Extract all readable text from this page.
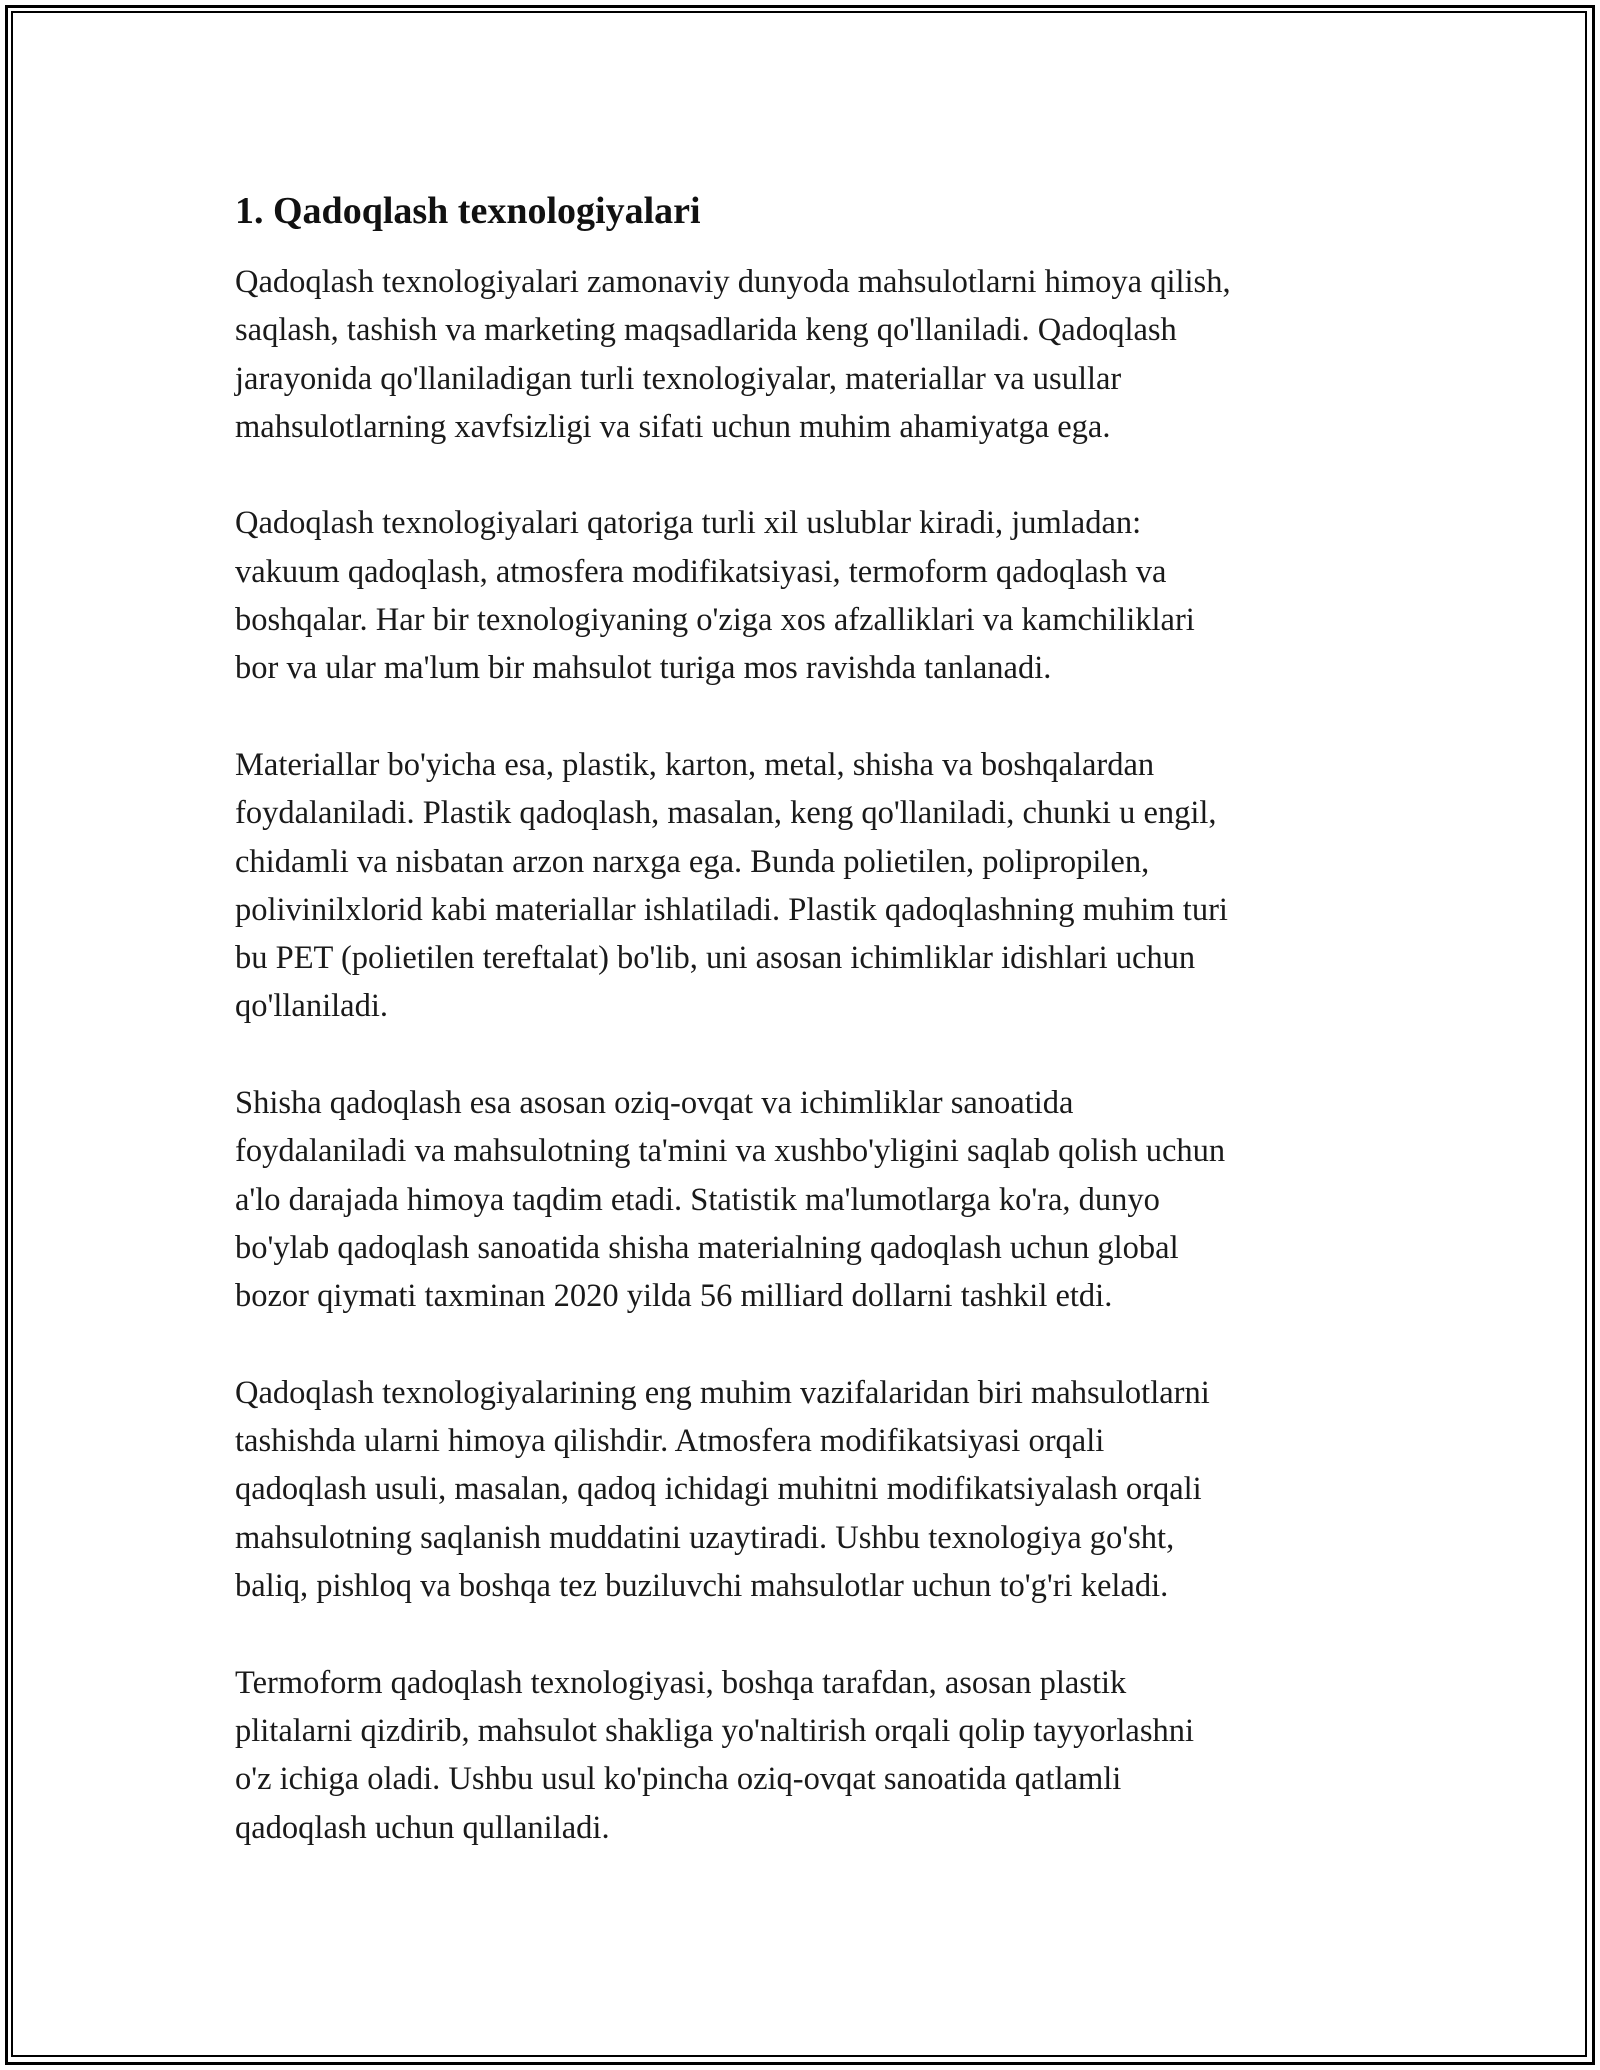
1. Qadoqlash texnologiyalari

Qadoqlash texnologiyalari zamonaviy dunyoda mahsulotlarni himoya qilish,
saqlash, tashish va marketing maqsadlarida keng qo'llaniladi. Qadoqlash
jarayonida qo'llaniladigan turli texnologiyalar, materiallar va usullar
mahsulotlarning xavfsizligi va sifati uchun muhim ahamiyatga ega.

Qadoqlash texnologiyalari qatoriga turli xil uslublar kiradi, jumladan:
vakuum qadoqlash, atmosfera modifikatsiyasi, termoform qadoqlash va
boshqalar. Har bir texnologiyaning o'ziga xos afzalliklari va kamchiliklari
bor va ular ma'lum bir mahsulot turiga mos ravishda tanlanadi.

Materiallar bo'yicha esa, plastik, karton, metal, shisha va boshqalardan
foydalaniladi. Plastik qadoqlash, masalan, keng qo'llaniladi, chunki u engil,
chidamli va nisbatan arzon narxga ega. Bunda polietilen, polipropilen,
polivinilxlorid kabi materiallar ishlatiladi. Plastik qadoqlashning muhim turi
bu PET (polietilen tereftalat) bo'lib, uni asosan ichimliklar idishlari uchun
qo'llaniladi.

Shisha qadoqlash esa asosan oziq-ovqat va ichimliklar sanoatida
foydalaniladi va mahsulotning ta'mini va xushbo'yligini saqlab qolish uchun
a'lo darajada himoya taqdim etadi. Statistik ma'lumotlarga ko'ra, dunyo
bo'ylab qadoqlash sanoatida shisha materialning qadoqlash uchun global
bozor qiymati taxminan 2020 yilda 56 milliard dollarni tashkil etdi.

Qadoqlash texnologiyalarining eng muhim vazifalaridan biri mahsulotlarni
tashishda ularni himoya qilishdir. Atmosfera modifikatsiyasi orqali
qadoqlash usuli, masalan, qadoq ichidagi muhitni modifikatsiyalash orqali
mahsulotning saqlanish muddatini uzaytiradi. Ushbu texnologiya go'sht,
baliq, pishloq va boshqa tez buziluvchi mahsulotlar uchun to'g'ri keladi.

Termoform qadoqlash texnologiyasi, boshqa tarafdan, asosan plastik
plitalarni qizdirib, mahsulot shakliga yo'naltirish orqali qolip tayyorlashni
o'z ichiga oladi. Ushbu usul ko'pincha oziq-ovqat sanoatida qatlamli
qadoqlash uchun qullaniladi.
